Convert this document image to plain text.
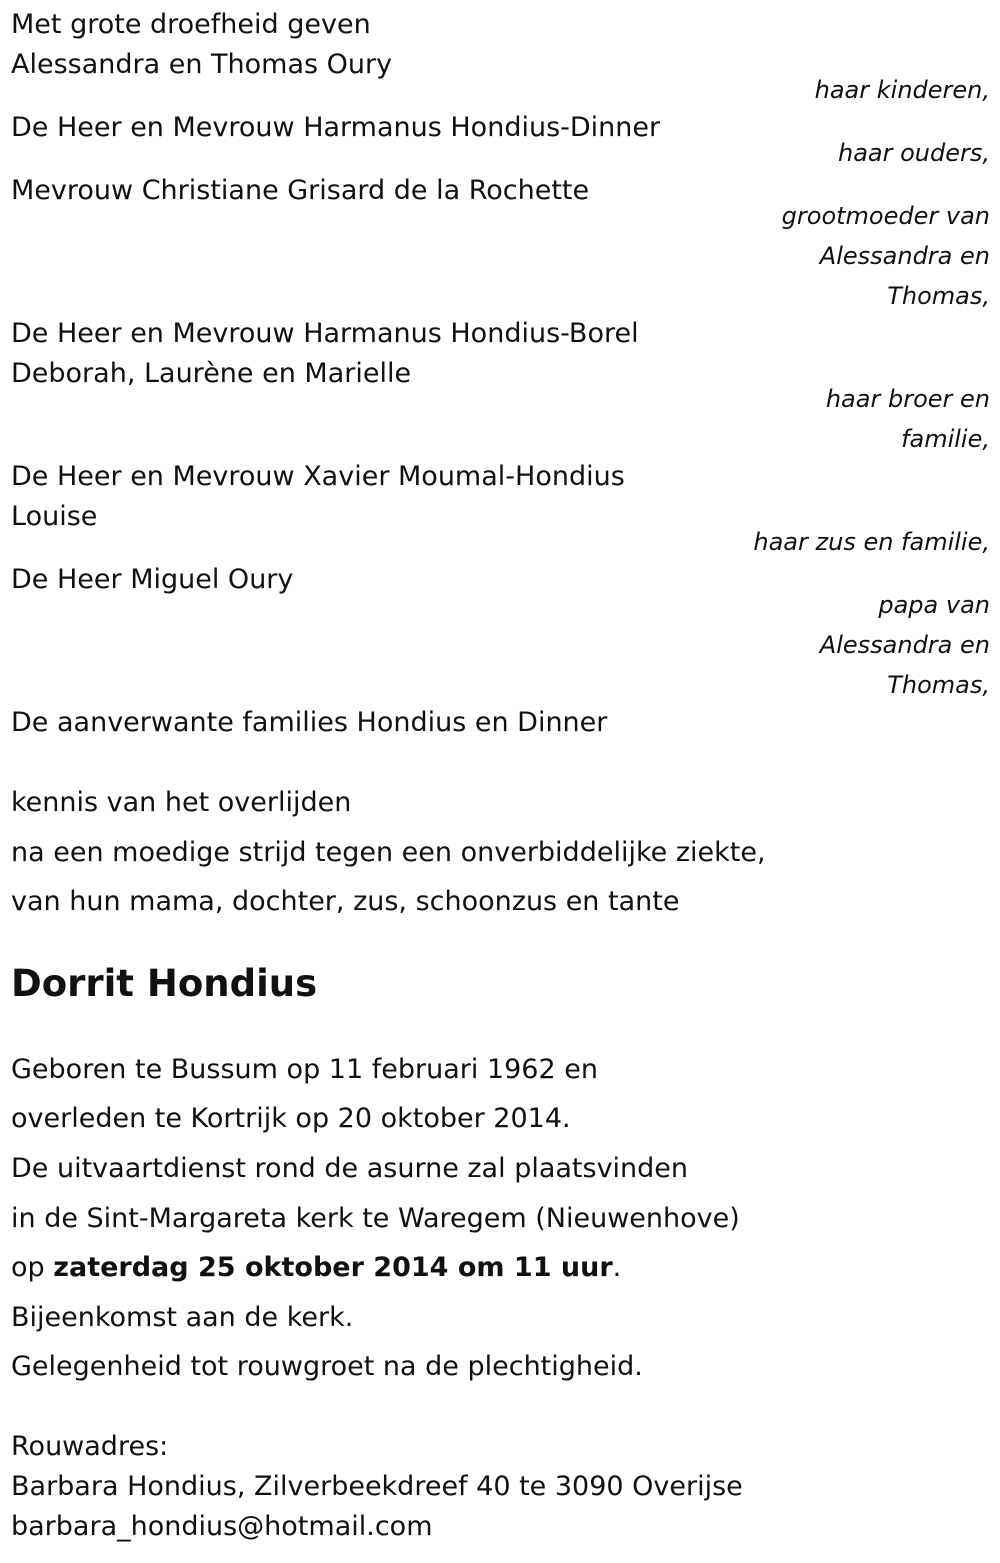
Met grote droefheid geven
Alessandra en Thomas Oury
haar kinderen,
De Heer en Mevrouw Harmanus Hondius-Dinner
haar ouders,
Mevrouw Christiane Grisard de la Rochette
grootmoeder van
Alessandra en
Thomas,
De Heer en Mevrouw Harmanus Hondius-Borel
Deborah, Laurène en Marielle
haar broer en
familie,
De Heer en Mevrouw Xavier Moumal-Hondius
Louise
haar zus en familie,
De Heer Miguel Oury
papa van
Alessandra en
Thomas,
De aanverwante families Hondius en Dinner
kennis van het overlijden
na een moedige strijd tegen een onverbiddelijke ziekte,
van hun mama, dochter, zus, schoonzus en tante
Dorrit Hondius
Geboren te Bussum op 11 februari 1962 en
overleden te Kortrijk op 20 oktober 2014.
De uitvaartdienst rond de asurne zal plaatsvinden
in de Sint-Margareta kerk te Waregem (Nieuwenhove)
op zaterdag 25 oktober 2014 om 11 uur.
Bijeenkomst aan de kerk.
Gelegenheid tot rouwgroet na de plechtigheid.
Rouwadres:
Barbara Hondius, Zilverbeekdreef 40 te 3090 Overijse
barbara_hondius@hotmail.com
